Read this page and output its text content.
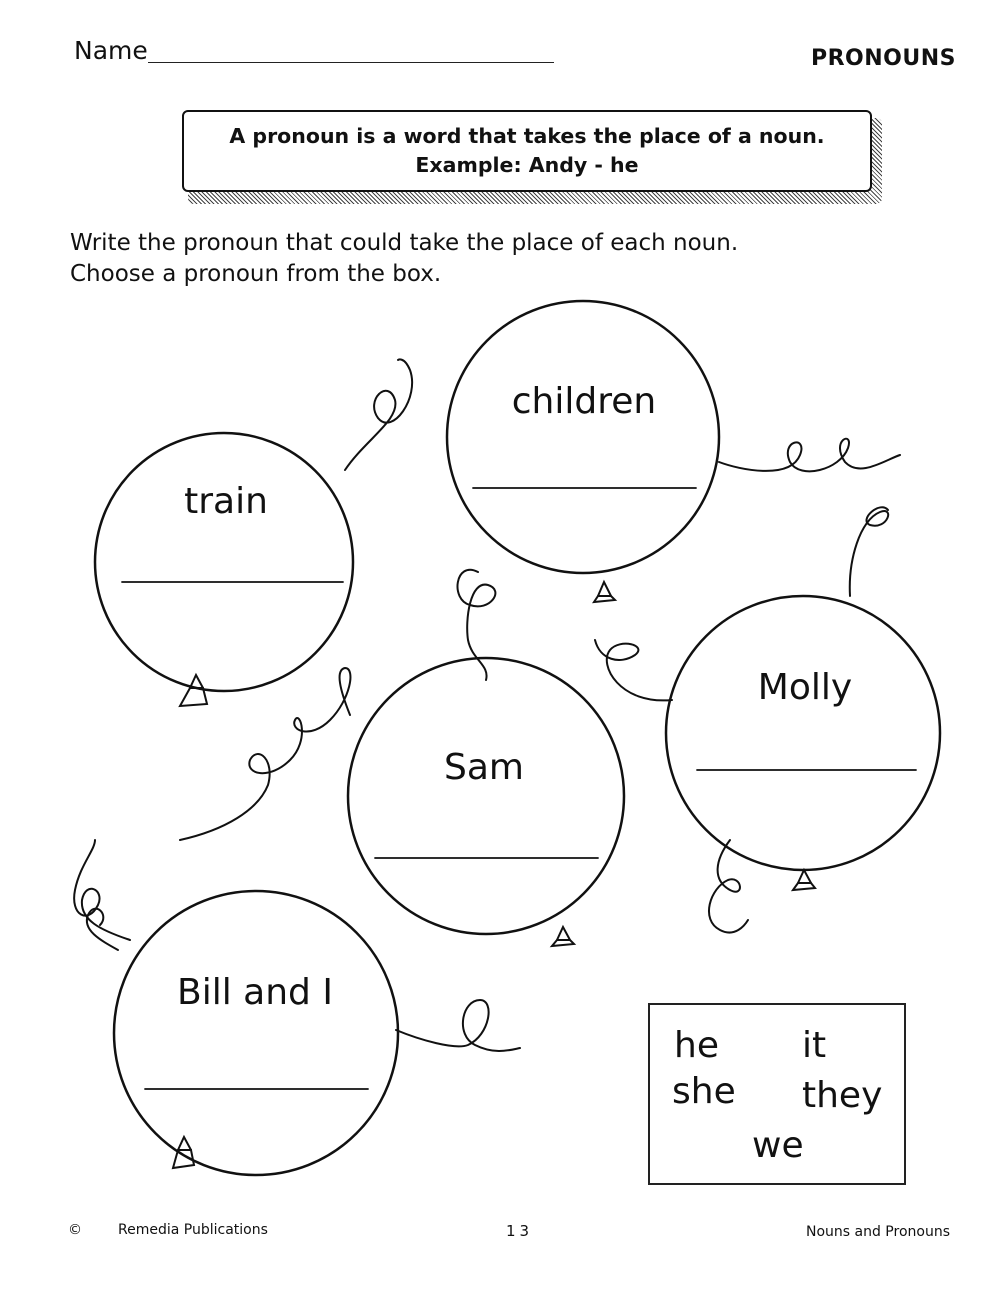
Name	PRONOUNS
A pronoun is a word that takes the place of a noun.
Example: Andy - he
Write the pronoun that could take the place of each noun.
Choose a pronoun from the box.
train
children
Molly
Sam
Bill and I
he it
she they
we
©	Remedia Publications	13	Nouns and Pronouns
